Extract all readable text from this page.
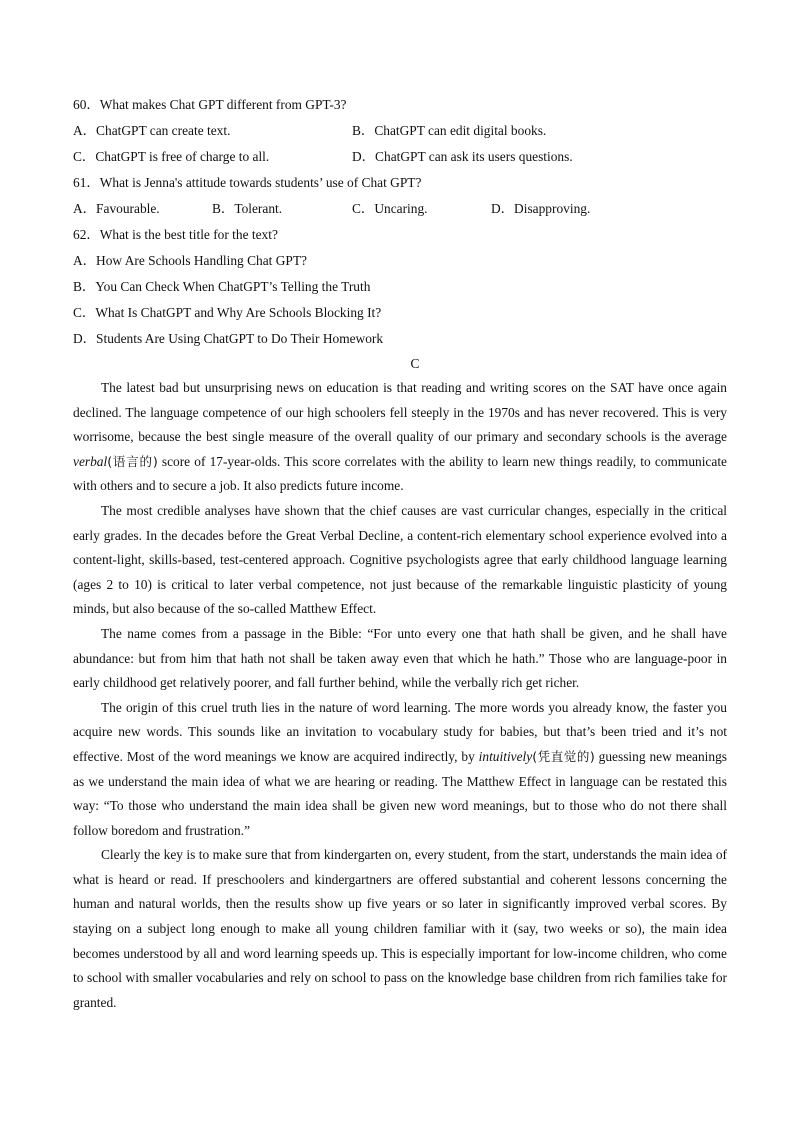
60．What makes Chat GPT different from GPT-3?
A．ChatGPT can create text.	B．ChatGPT can edit digital books.
C．ChatGPT is free of charge to all.	D．ChatGPT can ask its users questions.
61．What is Jenna's attitude towards students’ use of Chat GPT?
A．Favourable.	B．Tolerant.	C．Uncaring.	D．Disapproving.
62．What is the best title for the text?
A．How Are Schools Handling Chat GPT?
B．You Can Check When ChatGPT’s Telling the Truth
C．What Is ChatGPT and Why Are Schools Blocking It?
D．Students Are Using ChatGPT to Do Their Homework
C

The latest bad but unsurprising news on education is that reading and writing scores on the SAT have once again declined. The language competence of our high schoolers fell steeply in the 1970s and has never recovered. This is very worrisome, because the best single measure of the overall quality of our primary and secondary schools is the average verbal(语言的) score of 17-year-olds. This score correlates with the ability to learn new things readily, to communicate with others and to secure a job. It also predicts future income.

The most credible analyses have shown that the chief causes are vast curricular changes, especially in the critical early grades. In the decades before the Great Verbal Decline, a content-rich elementary school experience evolved into a content-light, skills-based, test-centered approach. Cognitive psychologists agree that early childhood language learning (ages 2 to 10) is critical to later verbal competence, not just because of the remarkable linguistic plasticity of young minds, but also because of the so-called Matthew Effect.

The name comes from a passage in the Bible: “For unto every one that hath shall be given, and he shall have abundance: but from him that hath not shall be taken away even that which he hath.” Those who are language-poor in early childhood get relatively poorer, and fall further behind, while the verbally rich get richer.

The origin of this cruel truth lies in the nature of word learning. The more words you already know, the faster you acquire new words. This sounds like an invitation to vocabulary study for babies, but that’s been tried and it’s not effective. Most of the word meanings we know are acquired indirectly, by intuitively(凭直觉的) guessing new meanings as we understand the main idea of what we are hearing or reading. The Matthew Effect in language can be restated this way: “To those who understand the main idea shall be given new word meanings, but to those who do not there shall follow boredom and frustration.”

Clearly the key is to make sure that from kindergarten on, every student, from the start, understands the main idea of what is heard or read. If preschoolers and kindergartners are offered substantial and coherent lessons concerning the human and natural worlds, then the results show up five years or so later in significantly improved verbal scores. By staying on a subject long enough to make all young children familiar with it (say, two weeks or so), the main idea becomes understood by all and word learning speeds up. This is especially important for low-income children, who come to school with smaller vocabularies and rely on school to pass on the knowledge base children from rich families take for granted.
